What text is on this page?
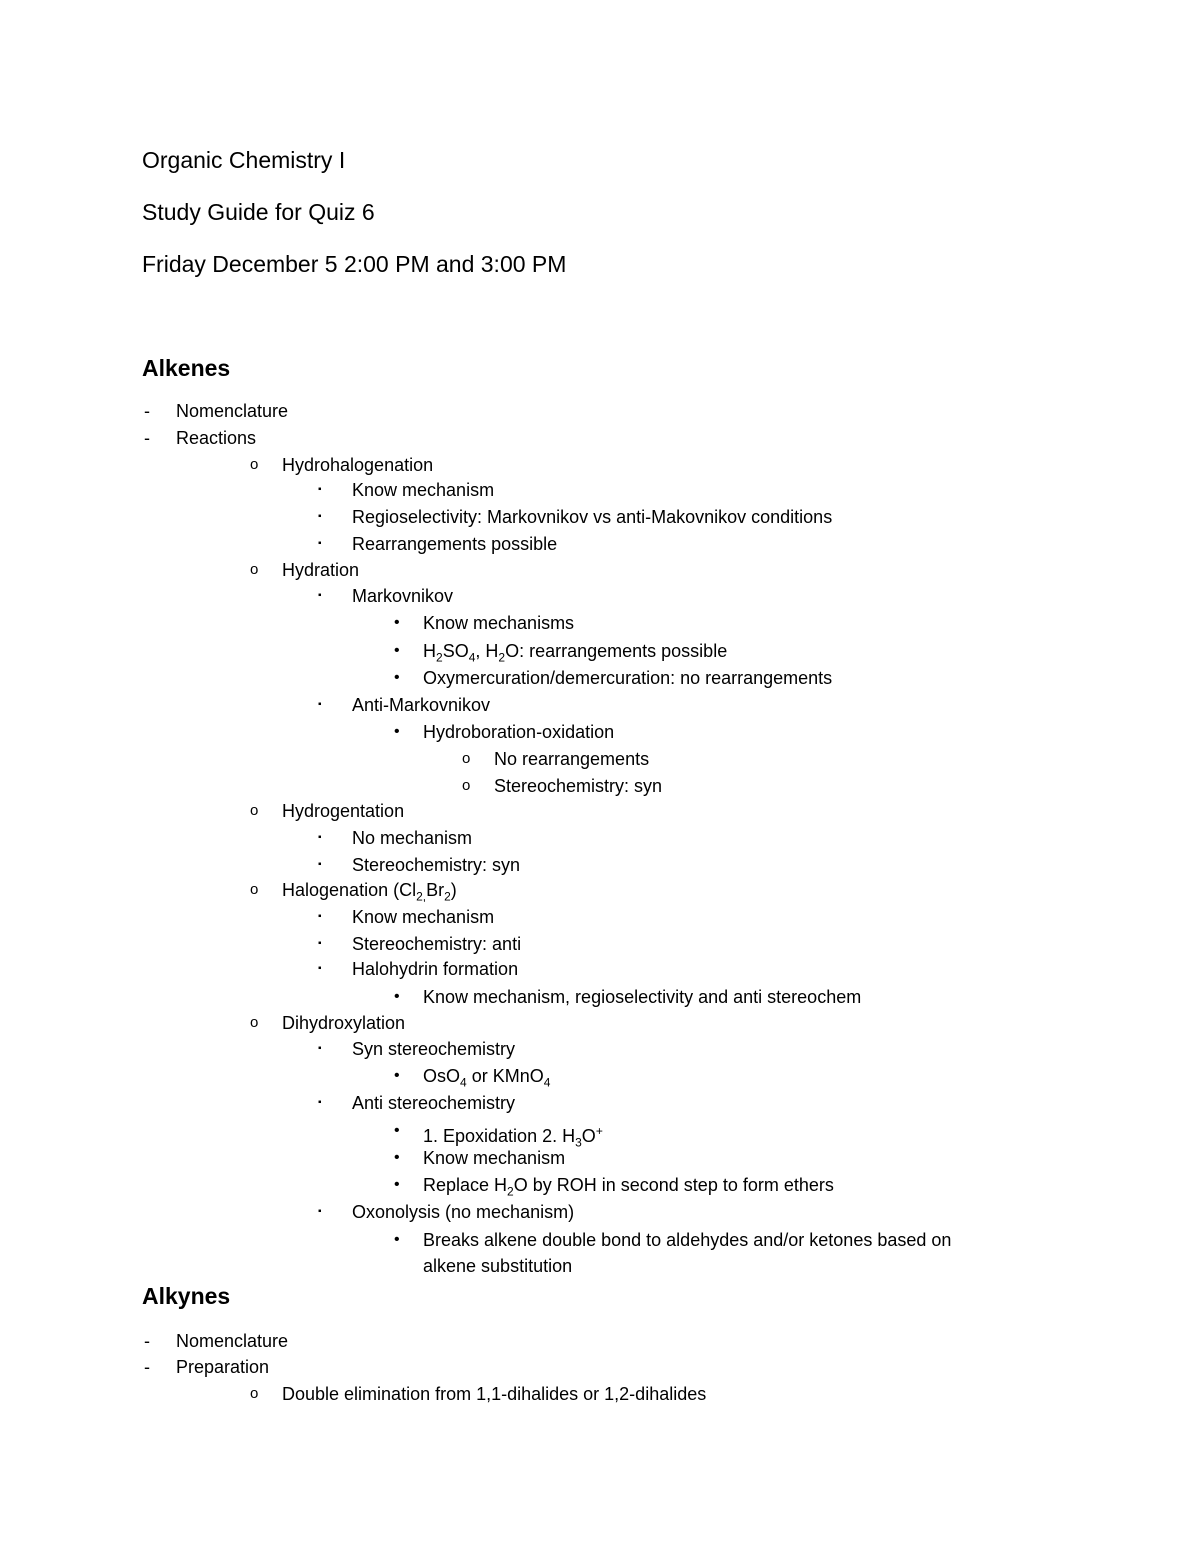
Organic Chemistry I
Study Guide for Quiz 6
Friday December 5 2:00 PM and 3:00 PM
Alkenes
- Nomenclature
- Reactions
o Hydrohalogenation
▪ Know mechanism
▪ Regioselectivity: Markovnikov vs anti-Makovnikov conditions
▪ Rearrangements possible
o Hydration
▪ Markovnikov
• Know mechanisms
• $H_2SO_4$, $H_2O$: rearrangements possible
• Oxymercuration/demercuration: no rearrangements
▪ Anti-Markovnikov
• Hydroboration-oxidation
o No rearrangements
o Stereochemistry: syn
o Hydrogentation
▪ No mechanism
▪ Stereochemistry: syn
o Halogenation $(Cl_{2,}Br_2)$
▪ Know mechanism
▪ Stereochemistry: anti
▪ Halohydrin formation
• Know mechanism, regioselectivity and anti stereochem
o Dihydroxylation
▪ Syn stereochemistry
• OsO$_4$ or KMnO$_4$
▪ Anti stereochemistry
• 1. Epoxidation 2. $H_3O^+$
• Know mechanism
• Replace $H_2O$ by ROH in second step to form ethers
▪ Oxonolysis (no mechanism)
• Breaks alkene double bond to aldehydes and/or ketones based on
alkene substitution
Alkynes
- Nomenclature
- Preparation
o Double elimination from 1,1-dihalides or 1,2-dihalides
